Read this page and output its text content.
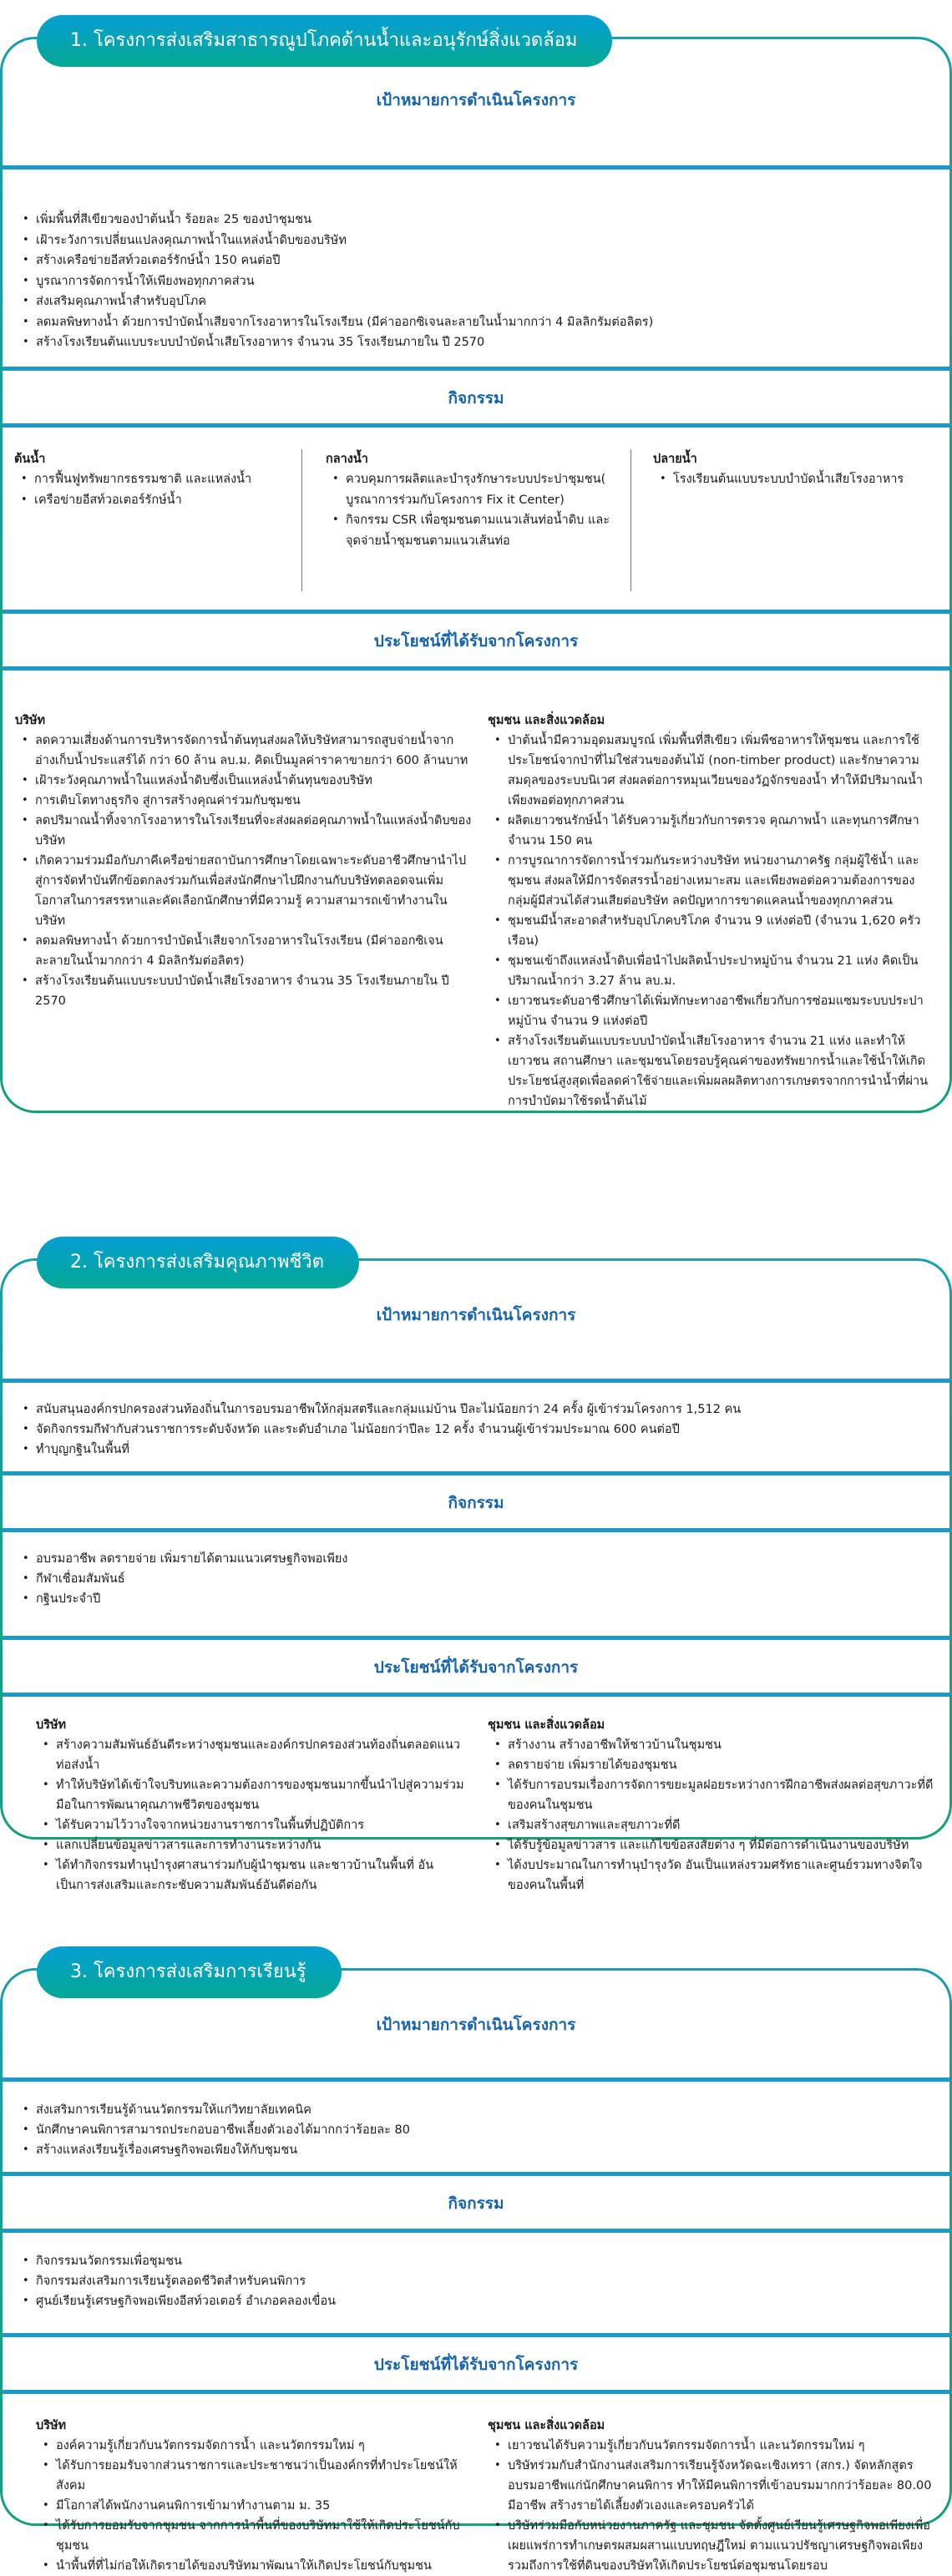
1. โครงการส่งเสริมสาธารณูปโภคด้านน้ำและอนุรักษ์สิ่งแวดล้อม
เป้าหมายการดำเนินโครงการ
• เพิ่มพื้นที่สีเขียวของป่าต้นน้ำ ร้อยละ 25 ของป่าชุมชน
• เฝ้าระวังการเปลี่ยนแปลงคุณภาพน้ำในแหล่งน้ำดิบของบริษัท
• สร้างเครือข่ายอีสท์วอเตอร์รักษ์น้ำ 150 คนต่อปี
• บูรณาการจัดการน้ำให้เพียงพอทุกภาคส่วน
• ส่งเสริมคุณภาพน้ำสำหรับอุปโภค
• ลดมลพิษทางน้ำ ด้วยการบำบัดน้ำเสียจากโรงอาหารในโรงเรียน (มีค่าออกซิเจนละลายในน้ำมากกว่า 4 มิลลิกรัมต่อลิตร)
• สร้างโรงเรียนต้นแบบระบบบำบัดน้ำเสียโรงอาหาร จำนวน 35 โรงเรียนภายใน ปี 2570
กิจกรรม
ต้นน้ำ
• การฟื้นฟูทรัพยากรธรรมชาติ และแหล่งน้ำ
• เครือข่ายอีสท์วอเตอร์รักษ์น้ำ
กลางน้ำ
• ควบคุมการผลิตและบำรุงรักษาระบบประปาชุมชน( บูรณาการร่วมกับโครงการ Fix it Center)
• กิจกรรม CSR เพื่อชุมชนตามแนวเส้นท่อน้ำดิบ และจุดจ่ายน้ำชุมชนตามแนวเส้นท่อ
ปลายน้ำ
• โรงเรียนต้นแบบระบบบำบัดน้ำเสียโรงอาหาร
ประโยชน์ที่ได้รับจากโครงการ
บริษัท
• ลดความเสี่ยงด้านการบริหารจัดการน้ำต้นทุนส่งผลให้บริษัทสามารถสูบจ่ายน้ำจากอ่างเก็บน้ำประแสร์ได้ กว่า 60 ล้าน ลบ.ม. คิดเป็นมูลค่าราคาขายกว่า 600 ล้านบาท
• เฝ้าระวังคุณภาพน้ำในแหล่งน้ำดิบซึ่งเป็นแหล่งน้ำต้นทุนของบริษัท
• การเติบโตทางธุรกิจ สู่การสร้างคุณค่าร่วมกับชุมชน
• ลดปริมาณน้ำทิ้งจากโรงอาหารในโรงเรียนที่จะส่งผลต่อคุณภาพน้ำในแหล่งน้ำดิบของบริษัท
• เกิดความร่วมมือกับภาคีเครือข่ายสถาบันการศึกษาโดยเฉพาะระดับอาชีวศึกษานำไปสู่การจัดทำบันทึกข้อตกลงร่วมกันเพื่อส่งนักศึกษาไปฝึกงานกับบริษัทตลอดจนเพิ่มโอกาสในการสรรหาและคัดเลือกนักศึกษาที่มีความรู้ ความสามารถเข้าทำงานในบริษัท
• ลดมลพิษทางน้ำ ด้วยการบำบัดน้ำเสียจากโรงอาหารในโรงเรียน (มีค่าออกซิเจนละลายในน้ำมากกว่า 4 มิลลิกรัมต่อลิตร)
• สร้างโรงเรียนต้นแบบระบบบำบัดน้ำเสียโรงอาหาร จำนวน 35 โรงเรียนภายใน ปี 2570
ชุมชน และสิ่งแวดล้อม
• ป่าต้นน้ำมีความอุดมสมบูรณ์ เพิ่มพื้นที่สีเขียว เพิ่มพืชอาหารให้ชุมชน และการใช้ประโยชน์จากป่าที่ไม่ใช่ส่วนของต้นไม้ (non-timber product) และรักษาความสมดุลของระบบนิเวศ ส่งผลต่อการหมุนเวียนของวัฏจักรของน้ำ ทำให้มีปริมาณน้ำเพียงพอต่อทุกภาคส่วน
• ผลิตเยาวชนรักษ์น้ำ ได้รับความรู้เกี่ยวกับการตรวจ คุณภาพน้ำ และทุนการศึกษาจำนวน 150 คน
• การบูรณาการจัดการน้ำร่วมกันระหว่างบริษัท หน่วยงานภาครัฐ กลุ่มผู้ใช้น้ำ และชุมชน ส่งผลให้มีการจัดสรรน้ำอย่างเหมาะสม และเพียงพอต่อความต้องการของกลุ่มผู้มีส่วนได้ส่วนเสียต่อบริษัท ลดปัญหาการขาดแคลนน้ำของทุกภาคส่วน
• ชุมชนมีน้ำสะอาดสำหรับอุปโภคบริโภค จำนวน 9 แห่งต่อปี (จำนวน 1,620 ครัวเรือน)
• ชุมชนเข้าถึงแหล่งน้ำดิบเพื่อนำไปผลิตน้ำประปาหมู่บ้าน จำนวน 21 แห่ง คิดเป็นปริมาณน้ำกว่า 3.27 ล้าน ลบ.ม.
• เยาวชนระดับอาชีวศึกษาได้เพิ่มทักษะทางอาชีพเกี่ยวกับการซ่อมแซมระบบประปาหมู่บ้าน จำนวน 9 แห่งต่อปี
• สร้างโรงเรียนต้นแบบระบบบำบัดน้ำเสียโรงอาหาร จำนวน 21 แห่ง และทำให้เยาวชน สถานศึกษา และชุมชนโดยรอบรู้คุณค่าของทรัพยากรน้ำและใช้น้ำให้เกิดประโยชน์สูงสุดเพื่อลดค่าใช้จ่ายและเพิ่มผลผลิตทางการเกษตรจากการนำน้ำที่ผ่านการบำบัดมาใช้รดน้ำต้นไม้
2. โครงการส่งเสริมคุณภาพชีวิต
เป้าหมายการดำเนินโครงการ
• สนับสนุนองค์กรปกครองส่วนท้องถิ่นในการอบรมอาชีพให้กลุ่มสตรีและกลุ่มแม่บ้าน ปีละไม่น้อยกว่า 24 ครั้ง ผู้เข้าร่วมโครงการ 1,512 คน
• จัดกิจกรรมกีฬากับส่วนราชการระดับจังหวัด และระดับอำเภอ ไม่น้อยกว่าปีละ 12 ครั้ง จำนวนผู้เข้าร่วมประมาณ 600 คนต่อปี
• ทำบุญกฐินในพื้นที่
กิจกรรม
• อบรมอาชีพ ลดรายจ่าย เพิ่มรายได้ตามแนวเศรษฐกิจพอเพียง
• กีฬาเชื่อมสัมพันธ์
• กฐินประจำปี
ประโยชน์ที่ได้รับจากโครงการ
บริษัท
• สร้างความสัมพันธ์อันดีระหว่างชุมชนและองค์กรปกครองส่วนท้องถิ่นตลอดแนวท่อส่งน้ำ
• ทำให้บริษัทได้เข้าใจบริบทและความต้องการของชุมชนมากขึ้นนำไปสู่ความร่วมมือในการพัฒนาคุณภาพชีวิตของชุมชน
• ได้รับความไว้วางใจจากหน่วยงานราชการในพื้นที่ปฏิบัติการ
• แลกเปลี่ยนข้อมูลข่าวสารและการทำงานระหว่างกัน
• ได้ทำกิจกรรมทำนุบำรุงศาสนาร่วมกับผู้นำชุมชน และชาวบ้านในพื้นที่ อันเป็นการส่งเสริมและกระชับความสัมพันธ์อันดีต่อกัน
ชุมชน และสิ่งแวดล้อม
• สร้างงาน สร้างอาชีพให้ชาวบ้านในชุมชน
• ลดรายจ่าย เพิ่มรายได้ของชุมชน
• ได้รับการอบรมเรื่องการจัดการขยะมูลฝอยระหว่างการฝึกอาชีพส่งผลต่อสุขภาวะที่ดีของคนในชุมชน
• เสริมสร้างสุขภาพและสุขภาวะที่ดี
• ได้รับรู้ข้อมูลข่าวสาร และแก้ไขข้อสงสัยต่าง ๆ ที่มีต่อการดำเนินงานของบริษัท
• ได้งบประมาณในการทำนุบำรุงวัด อันเป็นแหล่งรวมศรัทธาและศูนย์รวมทางจิตใจของคนในพื้นที่
3. โครงการส่งเสริมการเรียนรู้
เป้าหมายการดำเนินโครงการ
• ส่งเสริมการเรียนรู้ด้านนวัตกรรมให้แก่วิทยาลัยเทคนิค
• นักศึกษาคนพิการสามารถประกอบอาชีพเลี้ยงตัวเองได้มากกว่าร้อยละ 80
• สร้างแหล่งเรียนรู้เรื่องเศรษฐกิจพอเพียงให้กับชุมชน
กิจกรรม
• กิจกรรมนวัตกรรมเพื่อชุมชน
• กิจกรรมส่งเสริมการเรียนรู้ตลอดชีวิตสำหรับคนพิการ
• ศูนย์เรียนรู้เศรษฐกิจพอเพียงอีสท์วอเตอร์ อำเภอคลองเขื่อน
ประโยชน์ที่ได้รับจากโครงการ
บริษัท
• องค์ความรู้เกี่ยวกับนวัตกรรมจัดการน้ำ และนวัตกรรมใหม่ ๆ
• ได้รับการยอมรับจากส่วนราชการและประชาชนว่าเป็นองค์กรที่ทำประโยชน์ให้สังคม
• มีโอกาสได้พนักงานคนพิการเข้ามาทำงานตาม ม. 35
• ได้รับการยอมรับจากชุมชน จากการนำพื้นที่ของบริษัทมาใช้ให้เกิดประโยชน์กับชุมชน
• นำพื้นที่ที่ไม่ก่อให้เกิดรายได้ของบริษัทมาพัฒนาให้เกิดประโยชน์กับชุมชน
ชุมชน และสิ่งแวดล้อม
• เยาวชนได้รับความรู้เกี่ยวกับนวัตกรรมจัดการน้ำ และนวัตกรรมใหม่ ๆ
• บริษัทร่วมกับสำนักงานส่งเสริมการเรียนรู้จังหวัดฉะเชิงเทรา (สกร.) จัดหลักสูตรอบรมอาชีพแก่นักศึกษาคนพิการ ทำให้มีคนพิการที่เข้าอบรมมากกว่าร้อยละ 80.00 มีอาชีพ สร้างรายได้เลี้ยงตัวเองและครอบครัวได้
• บริษัทร่วมมือกับหน่วยงานภาครัฐ และชุมชน จัดตั้งศูนย์เรียนรู้เศรษฐกิจพอเพียงเพื่อเผยแพร่การทำเกษตรผสมผสานแบบทฤษฎีใหม่ ตามแนวปรัชญาเศรษฐกิจพอเพียง รวมถึงการใช้ที่ดินของบริษัทให้เกิดประโยชน์ต่อชุมชนโดยรอบ
